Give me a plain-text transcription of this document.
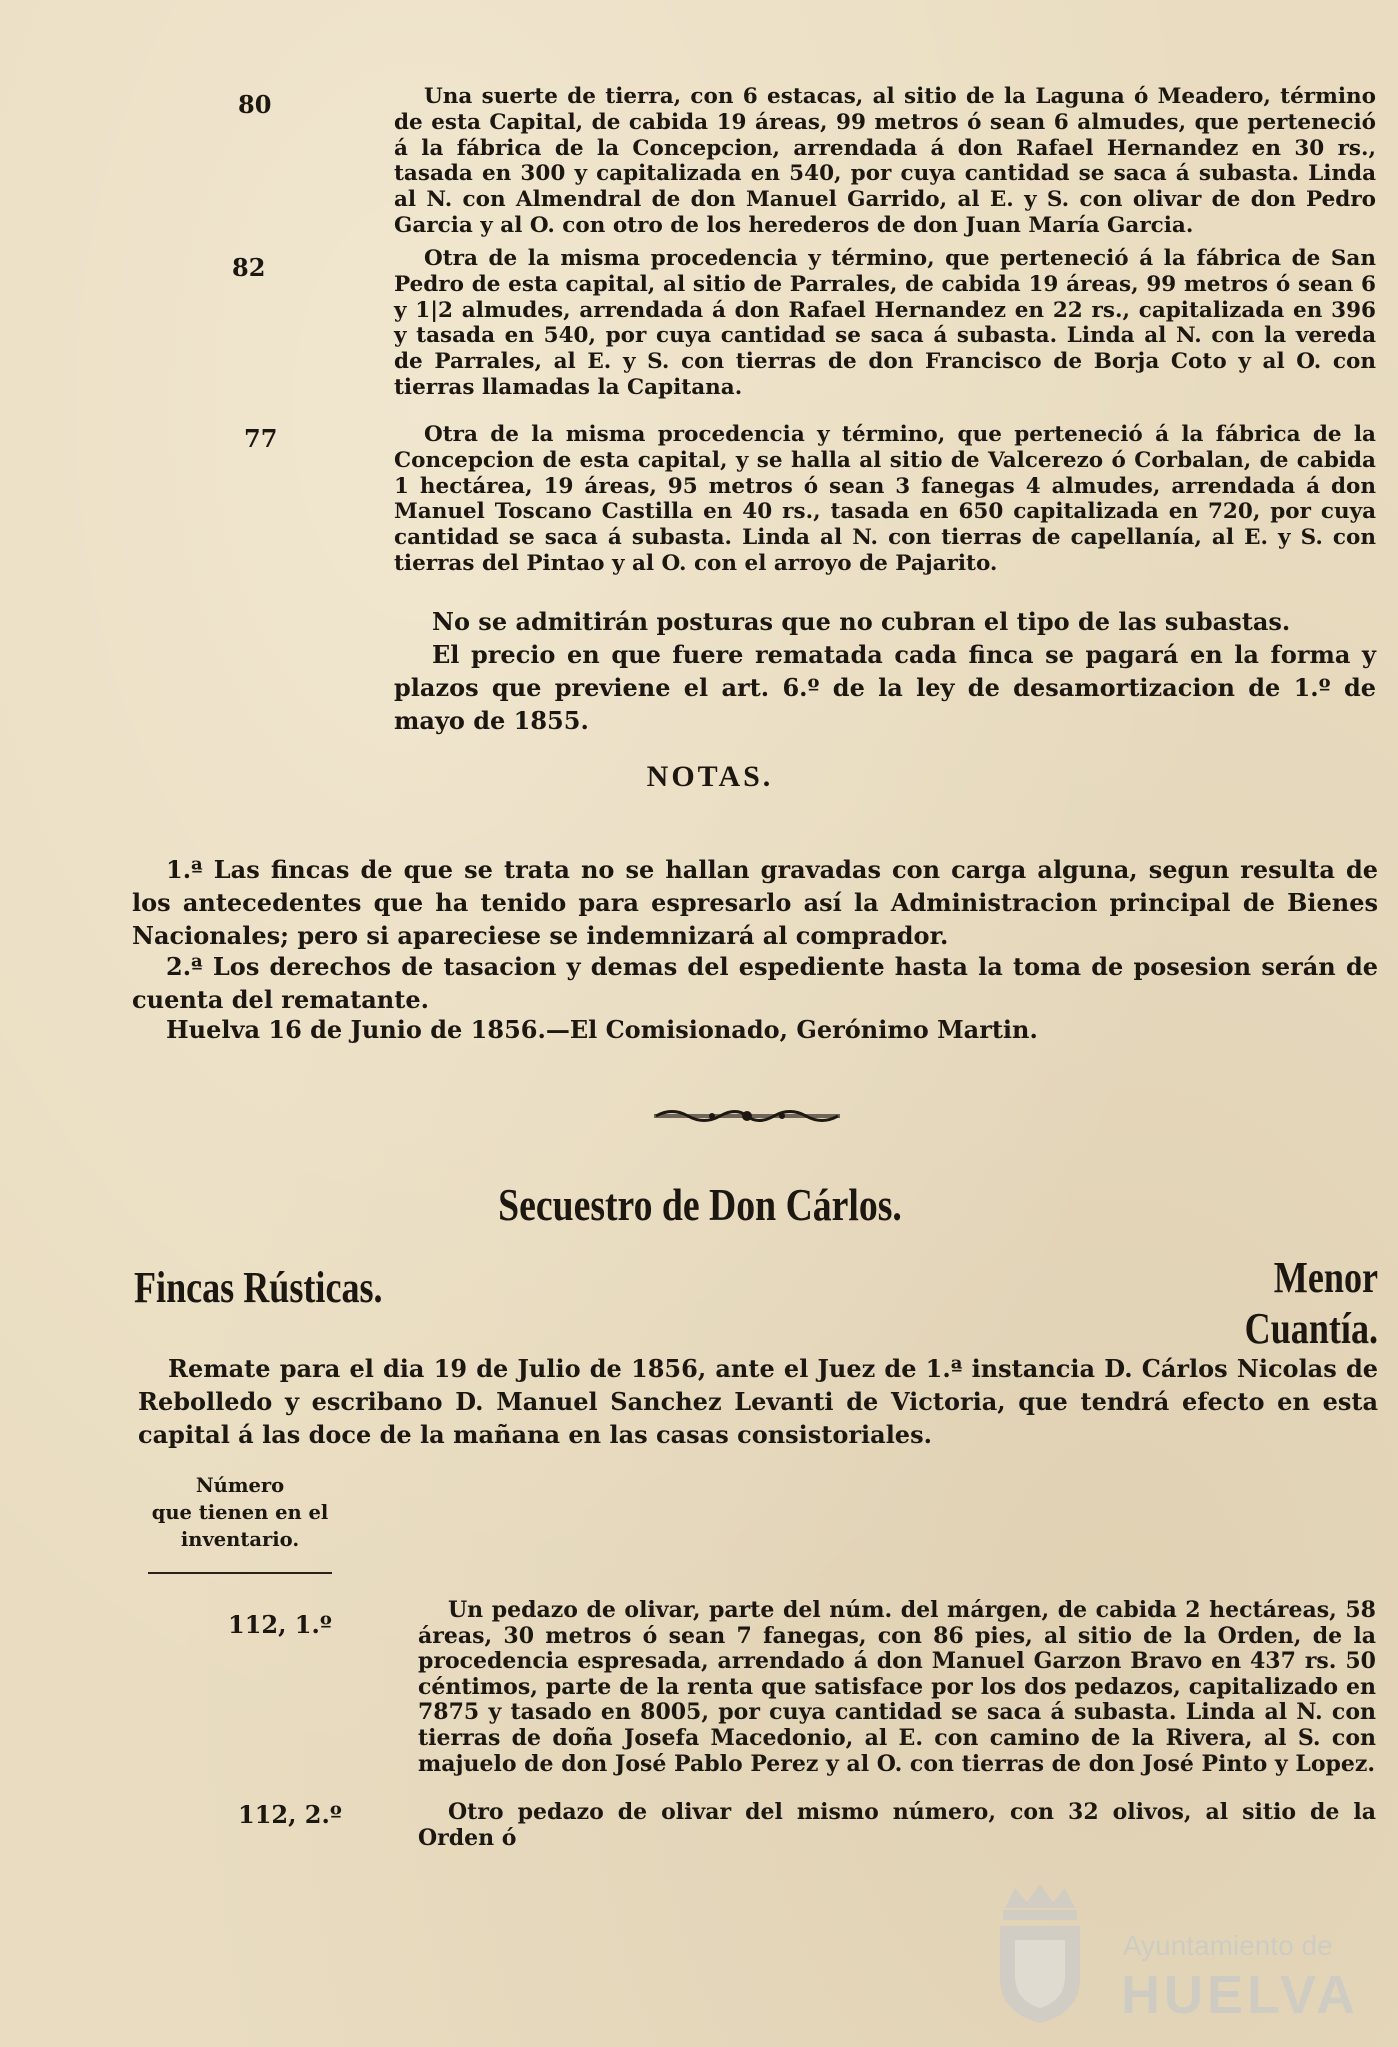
80	Una suerte de tierra, con 6 estacas, al sitio de la Laguna ó Meadero, término de esta Capital, de cabida 19 áreas, 99 metros ó sean 6 almudes, que perteneció á la fábrica de la Concepcion, arrendada á don Rafael Hernandez en 30 rs., tasada en 300 y capitalizada en 540, por cuya cantidad se saca á subasta. Linda al N. con Almendral de don Manuel Garrido, al E. y S. con olivar de don Pedro Garcia y al O. con otro de los herederos de don Juan María Garcia.
82	Otra de la misma procedencia y término, que perteneció á la fábrica de San Pedro de esta capital, al sitio de Parrales, de cabida 19 áreas, 99 metros ó sean 6 y 1|2 almudes, arrendada á don Rafael Hernandez en 22 rs., capitalizada en 396 y tasada en 540, por cuya cantidad se saca á subasta. Linda al N. con la vereda de Parrales, al E. y S. con tierras de don Francisco de Borja Coto y al O. con tierras llamadas la Capitana.
77	Otra de la misma procedencia y término, que perteneció á la fábrica de la Concepcion de esta capital, y se halla al sitio de Valcerezo ó Corbalan, de cabida 1 hectárea, 19 áreas, 95 metros ó sean 3 fanegas 4 almudes, arrendada á don Manuel Toscano Castilla en 40 rs., tasada en 650 capitalizada en 720, por cuya cantidad se saca á subasta. Linda al N. con tierras de capellanía, al E. y S. con tierras del Pintao y al O. con el arroyo de Pajarito.
No se admitirán posturas que no cubran el tipo de las subastas.
El precio en que fuere rematada cada finca se pagará en la forma y plazos que previene el art. 6.º de la ley de desamortizacion de 1.º de mayo de 1855.
NOTAS.
1.ª Las fincas de que se trata no se hallan gravadas con carga alguna, segun resulta de los antecedentes que ha tenido para espresarlo así la Administracion principal de Bienes Nacionales; pero si apareciese se indemnizará al comprador.
2.ª Los derechos de tasacion y demas del espediente hasta la toma de posesion serán de cuenta del rematante.
Huelva 16 de Junio de 1856.—El Comisionado, Gerónimo Martin.
Secuestro de Don Cárlos.
Fincas Rústicas.	Menor Cuantía.
Remate para el dia 19 de Julio de 1856, ante el Juez de 1.ª instancia D. Cárlos Nicolas de Rebolledo y escribano D. Manuel Sanchez Levanti de Victoria, que tendrá efecto en esta capital á las doce de la mañana en las casas consistoriales.
Número
que tienen en el
inventario.
112, 1.º	Un pedazo de olivar, parte del núm. del márgen, de cabida 2 hectáreas, 58 áreas, 30 metros ó sean 7 fanegas, con 86 pies, al sitio de la Orden, de la procedencia espresada, arrendado á don Manuel Garzon Bravo en 437 rs. 50 céntimos, parte de la renta que satisface por los dos pedazos, capitalizado en 7875 y tasado en 8005, por cuya cantidad se saca á subasta. Linda al N. con tierras de doña Josefa Macedonio, al E. con camino de la Rivera, al S. con majuelo de don José Pablo Perez y al O. con tierras de don José Pinto y Lopez.
112, 2.º	Otro pedazo de olivar del mismo número, con 32 olivos, al sitio de la Orden ó
Ayuntamiento de
HUELVA
